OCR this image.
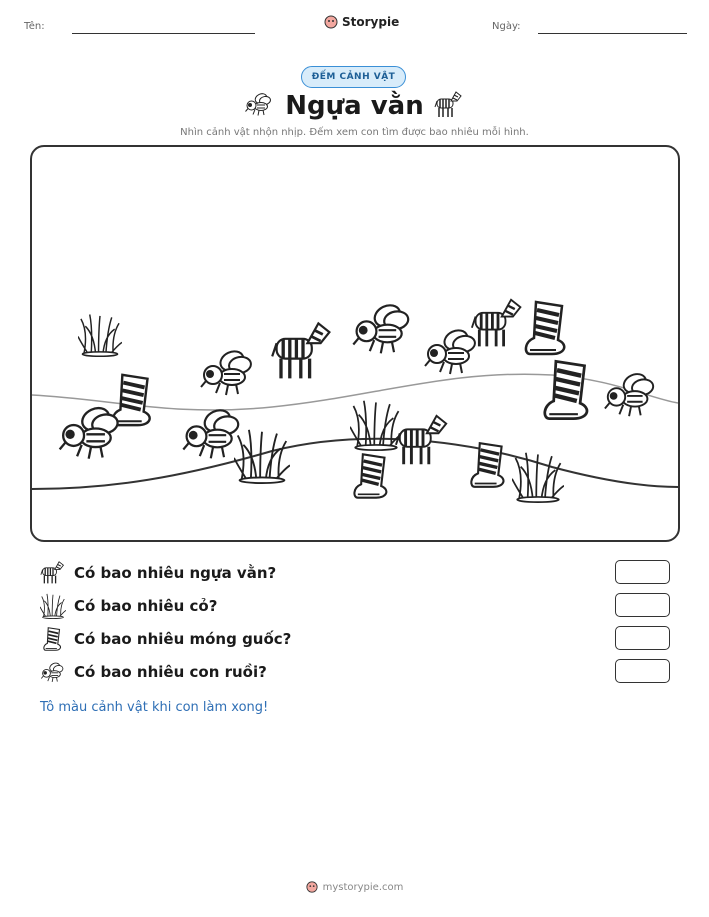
Tên:	Storypie	Ngày:
ĐẾM CẢNH VẬT
Ngựa vằn
Nhìn cảnh vật nhộn nhịp. Đếm xem con tìm được bao nhiêu mỗi hình.
Có bao nhiêu ngựa vằn?
Có bao nhiêu cỏ?
Có bao nhiêu móng guốc?
Có bao nhiêu con ruồi?
Tô màu cảnh vật khi con làm xong!
mystorypie.com
